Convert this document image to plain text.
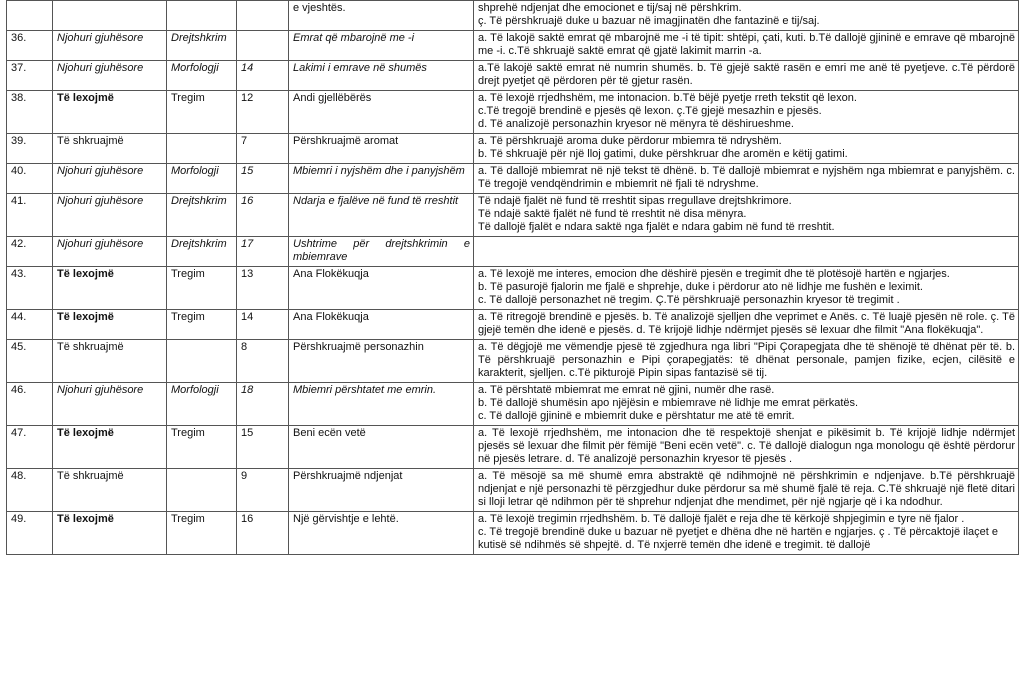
				e vjeshtës.	shprehë ndjenjat dhe emocionet e tij/saj në përshkrim.
ç. Të përshkruajë duke u bazuar në imagjinatën dhe fantazinë e tij/saj.

36.	Njohuri gjuhësore	Drejtshkrim		Emrat që mbarojnë me -i	a. Të lakojë saktë emrat që mbarojnë me -i të tipit: shtëpi, çati, kuti. b.Të dallojë gjininë e emrave që mbarojnë me -i. c.Të shkruajë saktë emrat që gjatë lakimit marrin -a.

37.	Njohuri gjuhësore	Morfologji	14	Lakimi i emrave në shumës	a.Të lakojë saktë emrat në numrin shumës. b. Të gjejë saktë rasën e emri me anë të pyetjeve. c.Të përdorë drejt pyetjet që përdoren për të gjetur rasën.

38.	Të lexojmë	Tregim	12	Andi gjellëbërës	a. Të lexojë rrjedhshëm, me intonacion. b.Të bëjë pyetje rreth tekstit që lexon.
c.Të tregojë brendinë e pjesës që lexon. ç.Të gjejë mesazhin e pjesës.
d. Të analizojë personazhin kryesor në mënyra të dëshirueshme.

39.	Të shkruajmë		7	Përshkruajmë aromat	a. Të përshkruajë aroma duke përdorur mbiemra të ndryshëm.
b. Të shkruajë për një lloj gatimi, duke përshkruar dhe aromën e këtij gatimi.

40.	Njohuri gjuhësore	Morfologji	15	Mbiemri i nyjshëm dhe i panyjshëm	a. Të dallojë mbiemrat në një tekst të dhënë. b. Të dallojë mbiemrat e nyjshëm nga mbiemrat e panyjshëm. c. Të tregojë vendqëndrimin e mbiemrit në fjali të ndryshme.

41.	Njohuri gjuhësore	Drejtshkrim	16	Ndarja e fjalëve në fund të rreshtit	Të ndajë fjalët në fund të rreshtit sipas rregullave drejtshkrimore.
Të ndajë saktë fjalët në fund të rreshtit në disa mënyra.
Të dallojë fjalët e ndara saktë nga fjalët e ndara gabim në fund të rreshtit.

42.	Njohuri gjuhësore	Drejtshkrim	17	Ushtrime për drejtshkrimin e mbiemrave	

43.	Të lexojmë	Tregim	13	Ana Flokëkuqja	a. Të lexojë me interes, emocion dhe dëshirë pjesën e tregimit dhe të plotësojë hartën e ngjarjes.
b. Të pasurojë fjalorin me fjalë e shprehje, duke i përdorur ato në lidhje me fushën e leximit.
c. Të dallojë personazhet në tregim. Ç.Të përshkruajë personazhin kryesor të tregimit .

44.	Të lexojmë	Tregim	14	Ana Flokëkuqja	a. Të ritregojë brendinë e pjesës. b. Të analizojë sjelljen dhe veprimet e Anës. c. Të luajë pjesën në role. ç. Të gjejë temën dhe idenë e pjesës. d. Të krijojë lidhje ndërmjet pjesës së lexuar dhe filmit "Ana flokëkuqja".

45.	Të shkruajmë		8	Përshkruajmë personazhin	a. Të dëgjojë me vëmendje pjesë të zgjedhura nga libri "Pipi Çorapegjata dhe të shënojë të dhënat për të. b. Të përshkruajë personazhin e Pipi çorapegjatës: të dhënat personale, pamjen fizike, ecjen, cilësitë e karakterit, sjelljen. c.Të pikturojë Pipin sipas fantazisë së tij.

46.	Njohuri gjuhësore	Morfologji	18	Mbiemri përshtatet me emrin.	a. Të përshtatë mbiemrat me emrat në gjini, numër dhe rasë.
b. Të dallojë shumësin apo njëjësin e mbiemrave në lidhje me emrat përkatës.
c. Të dallojë gjininë e mbiemrit duke e përshtatur me atë të emrit.

47.	Të lexojmë	Tregim	15	Beni ecën vetë	a. Të lexojë rrjedhshëm, me intonacion dhe të respektojë shenjat e pikësimit b. Të krijojë lidhje ndërmjet pjesës së lexuar dhe filmit për fëmijë "Beni ecën vetë". c. Të dallojë dialogun nga monologu që është përdorur në pjesës letrare. d. Të analizojë personazhin kryesor të pjesës .

48.	Të shkruajmë		9	Përshkruajmë ndjenjat	a. Të mësojë sa më shumë emra abstraktë që ndihmojnë në përshkrimin e ndjenjave. b.Të përshkruajë ndjenjat e një personazhi të përzgjedhur duke përdorur sa më shumë fjalë të reja. C.Të shkruajë një fletë ditari si lloji letrar që ndihmon për të shprehur ndjenjat dhe mendimet, për një ngjarje që i ka ndodhur.

49.	Të lexojmë	Tregim	16	Një gërvishtje e lehtë.	a. Të lexojë tregimin rrjedhshëm. b. Të dallojë fjalët e reja dhe të kërkojë shpjegimin e tyre në fjalor .
c. Të tregojë brendinë duke u bazuar në pyetjet e dhëna dhe në hartën e ngjarjes. ç . Të përcaktojë ilaçet e kutisë së ndihmës së shpejtë. d. Të nxjerrë temën dhe idenë e tregimit. të dallojë
